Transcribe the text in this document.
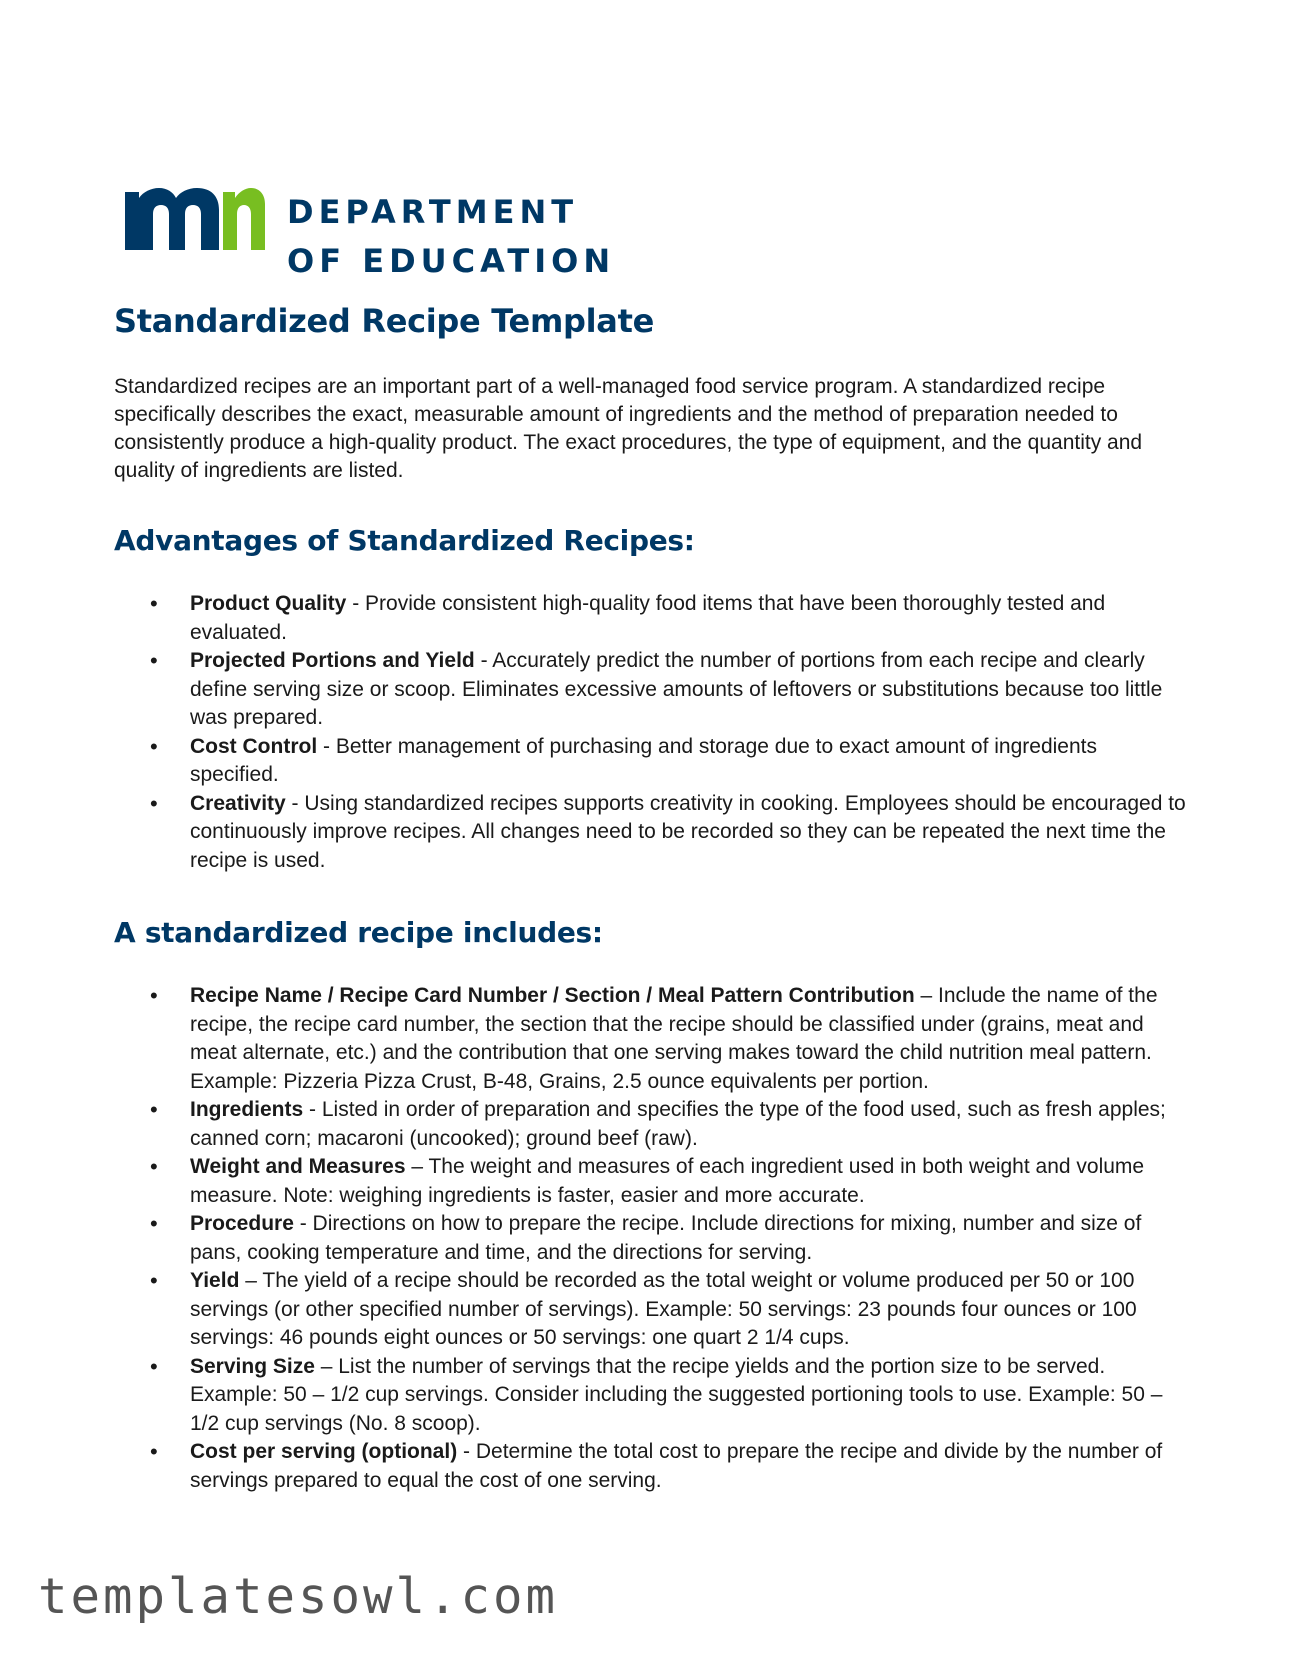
DEPARTMENT
OF EDUCATION
Standardized Recipe Template

Standardized recipes are an important part of a well-managed food service program. A standardized recipe specifically describes the exact, measurable amount of ingredients and the method of preparation needed to consistently produce a high-quality product. The exact procedures, the type of equipment, and the quantity and quality of ingredients are listed.

Advantages of Standardized Recipes:
• Product Quality - Provide consistent high-quality food items that have been thoroughly tested and evaluated.
• Projected Portions and Yield - Accurately predict the number of portions from each recipe and clearly define serving size or scoop. Eliminates excessive amounts of leftovers or substitutions because too little was prepared.
• Cost Control - Better management of purchasing and storage due to exact amount of ingredients specified.
• Creativity - Using standardized recipes supports creativity in cooking. Employees should be encouraged to continuously improve recipes. All changes need to be recorded so they can be repeated the next time the recipe is used.
A standardized recipe includes:
• Recipe Name / Recipe Card Number / Section / Meal Pattern Contribution – Include the name of the recipe, the recipe card number, the section that the recipe should be classified under (grains, meat and meat alternate, etc.) and the contribution that one serving makes toward the child nutrition meal pattern. Example: Pizzeria Pizza Crust, B-48, Grains, 2.5 ounce equivalents per portion.
• Ingredients - Listed in order of preparation and specifies the type of the food used, such as fresh apples; canned corn; macaroni (uncooked); ground beef (raw).
• Weight and Measures – The weight and measures of each ingredient used in both weight and volume measure. Note: weighing ingredients is faster, easier and more accurate.
• Procedure - Directions on how to prepare the recipe. Include directions for mixing, number and size of pans, cooking temperature and time, and the directions for serving.
• Yield – The yield of a recipe should be recorded as the total weight or volume produced per 50 or 100 servings (or other specified number of servings). Example: 50 servings: 23 pounds four ounces or 100 servings: 46 pounds eight ounces or 50 servings: one quart 2 1/4 cups.
• Serving Size – List the number of servings that the recipe yields and the portion size to be served. Example: 50 – 1/2 cup servings. Consider including the suggested portioning tools to use. Example: 50 – 1/2 cup servings (No. 8 scoop).
• Cost per serving (optional) - Determine the total cost to prepare the recipe and divide by the number of servings prepared to equal the cost of one serving.
templatesowl.com
